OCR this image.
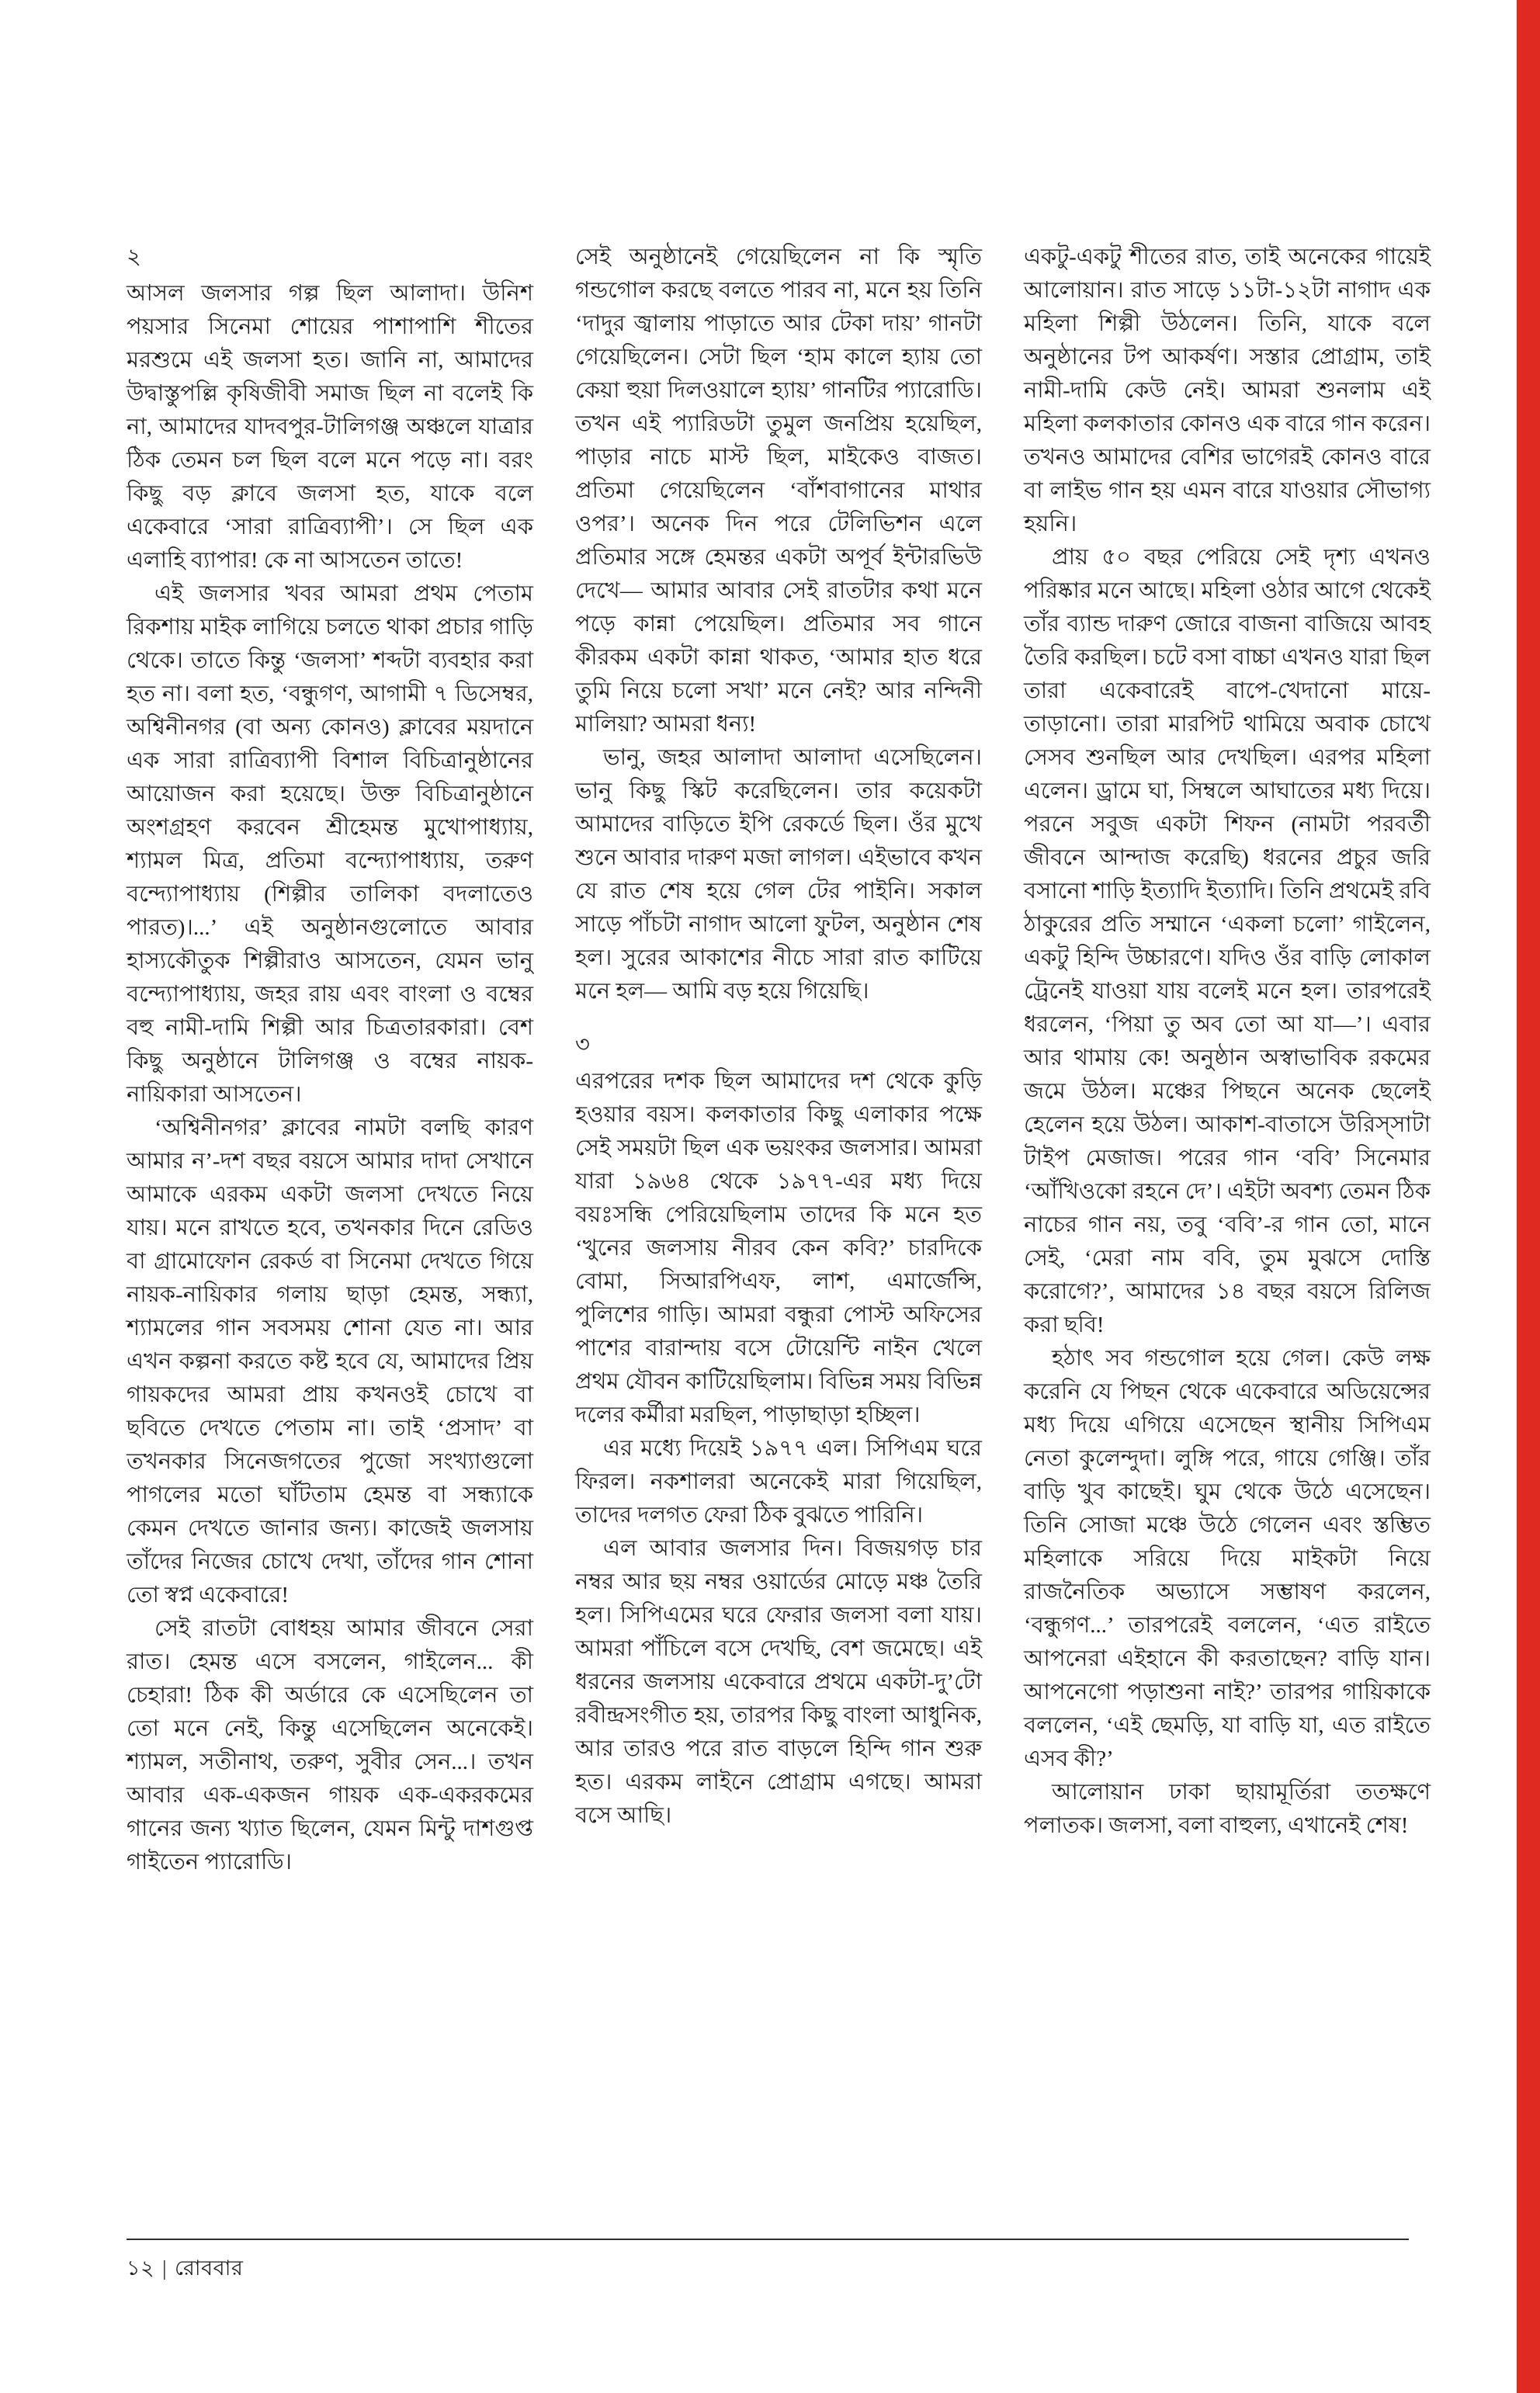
২
আসল জলসার গল্প ছিল আলাদা। উনিশ পয়সার সিনেমা শোয়ের পাশাপাশি শীতের মরশুমে এই জলসা হত। জানি না, আমাদের উদ্বাস্তুপল্লি কৃষিজীবী সমাজ ছিল না বলেই কি না, আমাদের যাদবপুর-টালিগঞ্জ অঞ্চলে যাত্রার ঠিক তেমন চল ছিল বলে মনে পড়ে না। বরং কিছু বড় ক্লাবে জলসা হত, যাকে বলে একেবারে ‘সারা রাত্রিব্যাপী’। সে ছিল এক এলাহি ব্যাপার! কে না আসতেন তাতে!
এই জলসার খবর আমরা প্রথম পেতাম রিকশায় মাইক লাগিয়ে চলতে থাকা প্রচার গাড়ি থেকে। তাতে কিন্তু ‘জলসা’ শব্দটা ব্যবহার করা হত না। বলা হত, ‘বন্ধুগণ, আগামী ৭ ডিসেম্বর, অশ্বিনীনগর (বা অন্য কোনও) ক্লাবের ময়দানে এক সারা রাত্রিব্যাপী বিশাল বিচিত্রানুষ্ঠানের আয়োজন করা হয়েছে। উক্ত বিচিত্রানুষ্ঠানে অংশগ্রহণ করবেন শ্রীহেমন্ত মুখোপাধ্যায়, শ্যামল মিত্র, প্রতিমা বন্দ্যোপাধ্যায়, তরুণ বন্দ্যোপাধ্যায় (শিল্পীর তালিকা বদলাতেও পারত)।...’ এই অনুষ্ঠানগুলোতে আবার হাস্যকৌতুক শিল্পীরাও আসতেন, যেমন ভানু বন্দ্যোপাধ্যায়, জহর রায় এবং বাংলা ও বম্বের বহু নামী-দামি শিল্পী আর চিত্রতারকারা। বেশ কিছু অনুষ্ঠানে টালিগঞ্জ ও বম্বের নায়ক-নায়িকারা আসতেন।
‘অশ্বিনীনগর’ ক্লাবের নামটা বলছি কারণ আমার ন’-দশ বছর বয়সে আমার দাদা সেখানে আমাকে এরকম একটা জলসা দেখতে নিয়ে যায়। মনে রাখতে হবে, তখনকার দিনে রেডিও বা গ্রামোফোন রেকর্ড বা সিনেমা দেখতে গিয়ে নায়ক-নায়িকার গলায় ছাড়া হেমন্ত, সন্ধ্যা, শ্যামলের গান সবসময় শোনা যেত না। আর এখন কল্পনা করতে কষ্ট হবে যে, আমাদের প্রিয় গায়কদের আমরা প্রায় কখনওই চোখে বা ছবিতে দেখতে পেতাম না। তাই ‘প্রসাদ’ বা তখনকার সিনেজগতের পুজো সংখ্যাগুলো পাগলের মতো ঘাঁটতাম হেমন্ত বা সন্ধ্যাকে কেমন দেখতে জানার জন্য। কাজেই জলসায় তাঁদের নিজের চোখে দেখা, তাঁদের গান শোনা তো স্বপ্ন একেবারে!
সেই রাতটা বোধহয় আমার জীবনে সেরা রাত। হেমন্ত এসে বসলেন, গাইলেন... কী চেহারা! ঠিক কী অর্ডারে কে এসেছিলেন তা তো মনে নেই, কিন্তু এসেছিলেন অনেকেই। শ্যামল, সতীনাথ, তরুণ, সুবীর সেন...। তখন আবার এক-একজন গায়ক এক-একরকমের গানের জন্য খ্যাত ছিলেন, যেমন মিন্টু দাশগুপ্ত গাইতেন প্যারোডি।
সেই অনুষ্ঠানেই গেয়েছিলেন না কি স্মৃতি গন্ডগোল করছে বলতে পারব না, মনে হয় তিনি ‘দাদুর জ্বালায় পাড়াতে আর টেকা দায়’ গানটা গেয়েছিলেন। সেটা ছিল ‘হাম কালে হ্যায় তো কেয়া হুয়া দিলওয়ালে হ্যায়’ গানটির প্যারোডি। তখন এই প্যারিডটা তুমুল জনপ্রিয় হয়েছিল, পাড়ার নাচে মাস্ট ছিল, মাইকেও বাজত। প্রতিমা গেয়েছিলেন ‘বাঁশবাগানের মাথার ওপর’। অনেক দিন পরে টেলিভিশন এলে প্রতিমার সঙ্গে হেমন্তর একটা অপূর্ব ইন্টারভিউ দেখে— আমার আবার সেই রাতটার কথা মনে পড়ে কান্না পেয়েছিল। প্রতিমার সব গানে কীরকম একটা কান্না থাকত, ‘আমার হাত ধরে তুমি নিয়ে চলো সখা’ মনে নেই? আর নন্দিনী মালিয়া? আমরা ধন্য!
ভানু, জহর আলাদা আলাদা এসেছিলেন। ভানু কিছু স্কিট করেছিলেন। তার কয়েকটা আমাদের বাড়িতে ইপি রেকর্ডে ছিল। ওঁর মুখে শুনে আবার দারুণ মজা লাগল। এইভাবে কখন যে রাত শেষ হয়ে গেল টের পাইনি। সকাল সাড়ে পাঁচটা নাগাদ আলো ফুটল, অনুষ্ঠান শেষ হল। সুরের আকাশের নীচে সারা রাত কাটিয়ে মনে হল— আমি বড় হয়ে গিয়েছি।
৩
এরপরের দশক ছিল আমাদের দশ থেকে কুড়ি হওয়ার বয়স। কলকাতার কিছু এলাকার পক্ষে সেই সময়টা ছিল এক ভয়ংকর জলসার। আমরা যারা ১৯৬৪ থেকে ১৯৭৭-এর মধ্য দিয়ে বয়ঃসন্ধি পেরিয়েছিলাম তাদের কি মনে হত ‘খুনের জলসায় নীরব কেন কবি?’ চারদিকে বোমা, সিআরপিএফ, লাশ, এমার্জেন্সি, পুলিশের গাড়ি। আমরা বন্ধুরা পোস্ট অফিসের পাশের বারান্দায় বসে টোয়েন্টি নাইন খেলে প্রথম যৌবন কাটিয়েছিলাম। বিভিন্ন সময় বিভিন্ন দলের কর্মীরা মরছিল, পাড়াছাড়া হচ্ছিল।
এর মধ্যে দিয়েই ১৯৭৭ এল। সিপিএম ঘরে ফিরল। নকশালরা অনেকেই মারা গিয়েছিল, তাদের দলগত ফেরা ঠিক বুঝতে পারিনি।
এল আবার জলসার দিন। বিজয়গড় চার নম্বর আর ছয় নম্বর ওয়ার্ডের মোড়ে মঞ্চ তৈরি হল। সিপিএমের ঘরে ফেরার জলসা বলা যায়। আমরা পাঁচিলে বসে দেখছি, বেশ জমেছে। এই ধরনের জলসায় একেবারে প্রথমে একটা-দু’টো রবীন্দ্রসংগীত হয়, তারপর কিছু বাংলা আধুনিক, আর তারও পরে রাত বাড়লে হিন্দি গান শুরু হত। এরকম লাইনে প্রোগ্রাম এগছে। আমরা বসে আছি।
একটু-একটু শীতের রাত, তাই অনেকের গায়েই আলোয়ান। রাত সাড়ে ১১টা-১২টা নাগাদ এক মহিলা শিল্পী উঠলেন। তিনি, যাকে বলে অনুষ্ঠানের টপ আকর্ষণ। সস্তার প্রোগ্রাম, তাই নামী-দামি কেউ নেই। আমরা শুনলাম এই মহিলা কলকাতার কোনও এক বারে গান করেন। তখনও আমাদের বেশির ভাগেরই কোনও বারে বা লাইভ গান হয় এমন বারে যাওয়ার সৌভাগ্য হয়নি।
প্রায় ৫০ বছর পেরিয়ে সেই দৃশ্য এখনও পরিষ্কার মনে আছে। মহিলা ওঠার আগে থেকেই তাঁর ব্যান্ড দারুণ জোরে বাজনা বাজিয়ে আবহ তৈরি করছিল। চটে বসা বাচ্চা এখনও যারা ছিল তারা একেবারেই বাপে-খেদানো মায়ে-তাড়ানো। তারা মারপিট থামিয়ে অবাক চোখে সেসব শুনছিল আর দেখছিল। এরপর মহিলা এলেন। ড্রামে ঘা, সিম্বলে আঘাতের মধ্য দিয়ে। পরনে সবুজ একটা শিফন (নামটা পরবর্তী জীবনে আন্দাজ করেছি) ধরনের প্রচুর জরি বসানো শাড়ি ইত্যাদি ইত্যাদি। তিনি প্রথমেই রবি ঠাকুরের প্রতি সম্মানে ‘একলা চলো’ গাইলেন, একটু হিন্দি উচ্চারণে। যদিও ওঁর বাড়ি লোকাল ট্রেনেই যাওয়া যায় বলেই মনে হল। তারপরেই ধরলেন, ‘পিয়া তু অব তো আ যা—’। এবার আর থামায় কে! অনুষ্ঠান অস্বাভাবিক রকমের জমে উঠল। মঞ্চের পিছনে অনেক ছেলেই হেলেন হয়ে উঠল। আকাশ-বাতাসে উরিস্সাটা টাইপ মেজাজ। পরের গান ‘ববি’ সিনেমার ‘আঁখিওকো রহনে দে’। এইটা অবশ্য তেমন ঠিক নাচের গান নয়, তবু ‘ববি’-র গান তো, মানে সেই, ‘মেরা নাম ববি, তুম মুঝসে দোস্তি করোগে?’, আমাদের ১৪ বছর বয়সে রিলিজ করা ছবি!
হঠাৎ সব গন্ডগোল হয়ে গেল। কেউ লক্ষ করেনি যে পিছন থেকে একেবারে অডিয়েন্সের মধ্য দিয়ে এগিয়ে এসেছেন স্থানীয় সিপিএম নেতা কুলেন্দুদা। লুঙ্গি পরে, গায়ে গেঞ্জি। তাঁর বাড়ি খুব কাছেই। ঘুম থেকে উঠে এসেছেন। তিনি সোজা মঞ্চে উঠে গেলেন এবং স্তম্ভিত মহিলাকে সরিয়ে দিয়ে মাইকটা নিয়ে রাজনৈতিক অভ্যাসে সম্ভাষণ করলেন, ‘বন্ধুগণ...’ তারপরেই বললেন, ‘এত রাইতে আপনেরা এইহানে কী করতাছেন? বাড়ি যান। আপনেগো পড়াশুনা নাই?’ তারপর গায়িকাকে বললেন, ‘এই ছেমড়ি, যা বাড়ি যা, এত রাইতে এসব কী?’
আলোয়ান ঢাকা ছায়ামূর্তিরা ততক্ষণে পলাতক। জলসা, বলা বাহুল্য, এখানেই শেষ!
১২ | রোববার
